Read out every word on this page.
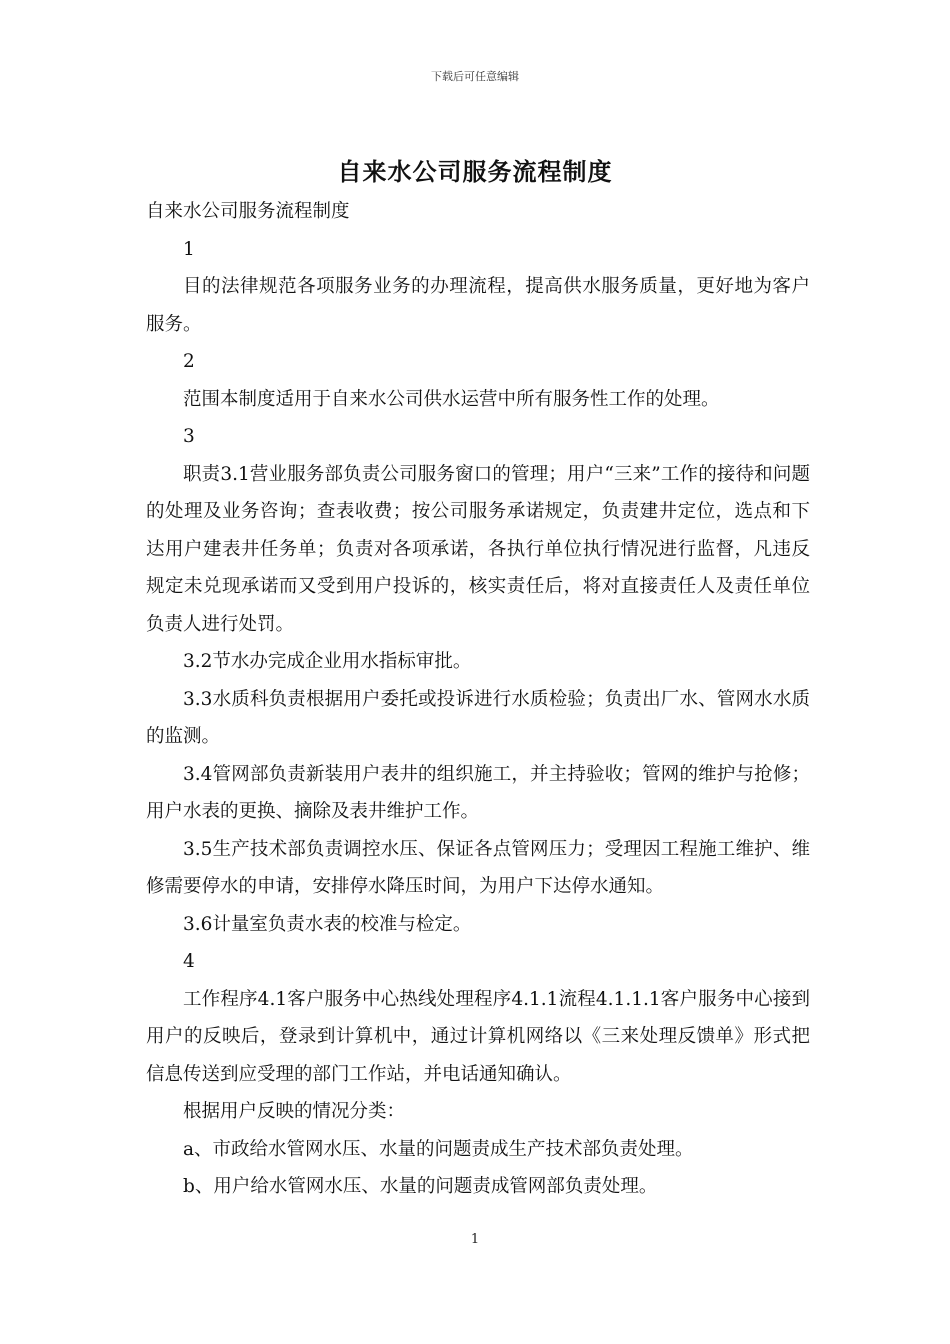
下载后可任意编辑
自来水公司服务流程制度

自来水公司服务流程制度

1

目的法律规范各项服务业务的办理流程，提高供水服务质量，更好地为客户服务。

2

范围本制度适用于自来水公司供水运营中所有服务性工作的处理。

3

职责3.1营业服务部负责公司服务窗口的管理；用户“三来”工作的接待和问题的处理及业务咨询；查表收费；按公司服务承诺规定，负责建井定位，选点和下达用户建表井任务单；负责对各项承诺，各执行单位执行情况进行监督，凡违反规定未兑现承诺而又受到用户投诉的，核实责任后，将对直接责任人及责任单位负责人进行处罚。

3.2节水办完成企业用水指标审批。

3.3水质科负责根据用户委托或投诉进行水质检验；负责出厂水、管网水水质的监测。

3.4管网部负责新装用户表井的组织施工，并主持验收；管网的维护与抢修；用户水表的更换、摘除及表井维护工作。

3.5生产技术部负责调控水压、保证各点管网压力；受理因工程施工维护、维修需要停水的申请，安排停水降压时间，为用户下达停水通知。

3.6计量室负责水表的校准与检定。

4

工作程序4.1客户服务中心热线处理程序4.1.1流程4.1.1.1客户服务中心接到用户的反映后，登录到计算机中，通过计算机网络以《三来处理反馈单》形式把信息传送到应受理的部门工作站，并电话通知确认。

根据用户反映的情况分类：

a、市政给水管网水压、水量的问题责成生产技术部负责处理。

b、用户给水管网水压、水量的问题责成管网部负责处理。

1
